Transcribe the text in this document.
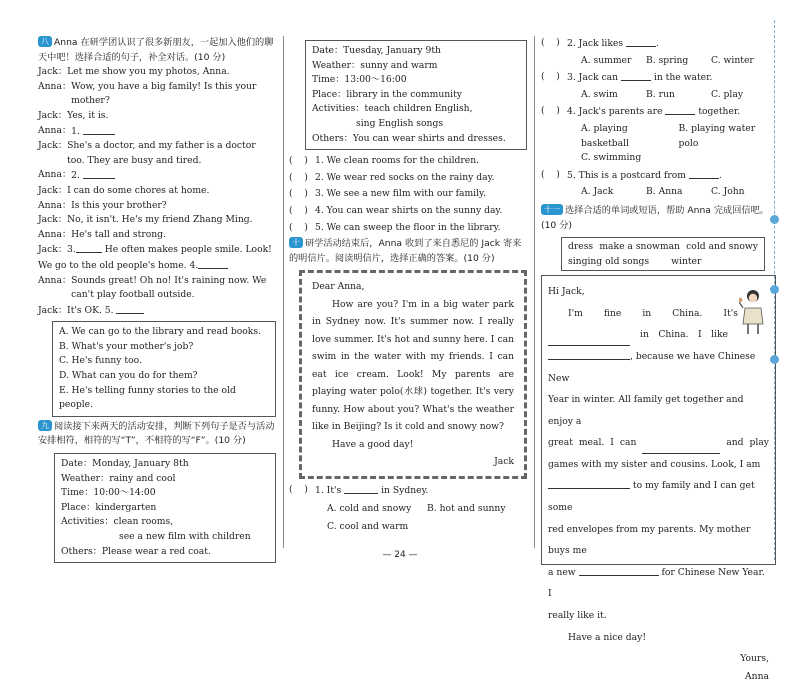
八 Anna 在研学团认识了很多新朋友，一起加入他们的聊天中吧！选择合适的句子，补全对话。(10 分)
Jack： Let me show you my photos, Anna.
Anna： Wow, you have a big family! Is this your mother?
Jack： Yes, it is.
Anna： 1.
Jack： She's a doctor, and my father is a doctor too. They are busy and tired.
Anna： 2.
Jack： I can do some chores at home.
Anna： Is this your brother?
Jack： No, it isn't. He's my friend Zhang Ming.
Anna： He's tall and strong.
Jack：3.	He often makes people smile. Look! We go to the old people's home. 4.
Anna： Sounds great! Oh no! It's raining now. We can't play football outside.
Jack：It's OK. 5.
A. We can go to the library and read books.
B. What's your mother's job?
C. He's funny too.
D. What can you do for them?
E. He's telling funny stories to the old people.
九 阅读接下来两天的活动安排，判断下列句子是否与活动安排相符，相符的写“T”，不相符的写“F”。(10 分)
Date：Monday, January 8th
Weather：rainy and cool
Time：10:00～14:00
Place：kindergarten
Activities：clean rooms,
see a new film with children
Others：Please wear a red coat.
Date：Tuesday, January 9th
Weather：sunny and warm
Time：13:00～16:00
Place：library in the community
Activities：teach children English,
sing English songs
Others：You can wear shirts and dresses.
(    ) 1. We clean rooms for the children.
(    ) 2. We wear red socks on the rainy day.
(    ) 3. We see a new film with our family.
(    ) 4. You can wear shirts on the sunny day.
(    ) 5. We can sweep the floor in the library.
十 研学活动结束后，Anna 收到了来自悉尼的 Jack 寄来的明信片。阅读明信片，选择正确的答案。(10 分)
Dear Anna,
How are you? I'm in a big water park in Sydney now. It's summer now. I really love summer. It's hot and sunny here. I can swim in the water with my friends. I can eat ice cream. Look! My parents are playing water polo(水球) together. It's very funny. How about you? What's the weather like in Beijing? Is it cold and snowy now?
Have a good day!
Jack
(    ) 1. It's	in Sydney.
A. cold and snowy	B. hot and sunny
C. cool and warm
(    ) 2. Jack likes	.
A. summer	B. spring	C. winter
(    ) 3. Jack can	in the water.
A. swim	B. run	C. play
(    ) 4. Jack's parents are	together.
A. playing basketball
B. playing water polo
C. swimming
(    ) 5. This is a postcard from	.
A. Jack	B. Anna	C. John
十一 选择合适的单词或短语，帮助 Anna 完成回信吧。(10 分)
dress make a snowman cold and snowy
singing old songs winter
Hi Jack,
I'm fine in China. It's
in China. I like
, because we have Chinese New
Year in winter. All family get together and enjoy a
great meal. I can	and play
games with my sister and cousins. Look, I am
to my family and I can get some
red envelopes from my parents. My mother buys me
a new	for Chinese New Year. I
really like it.
Have a nice day!
Yours,
Anna
— 24 —
